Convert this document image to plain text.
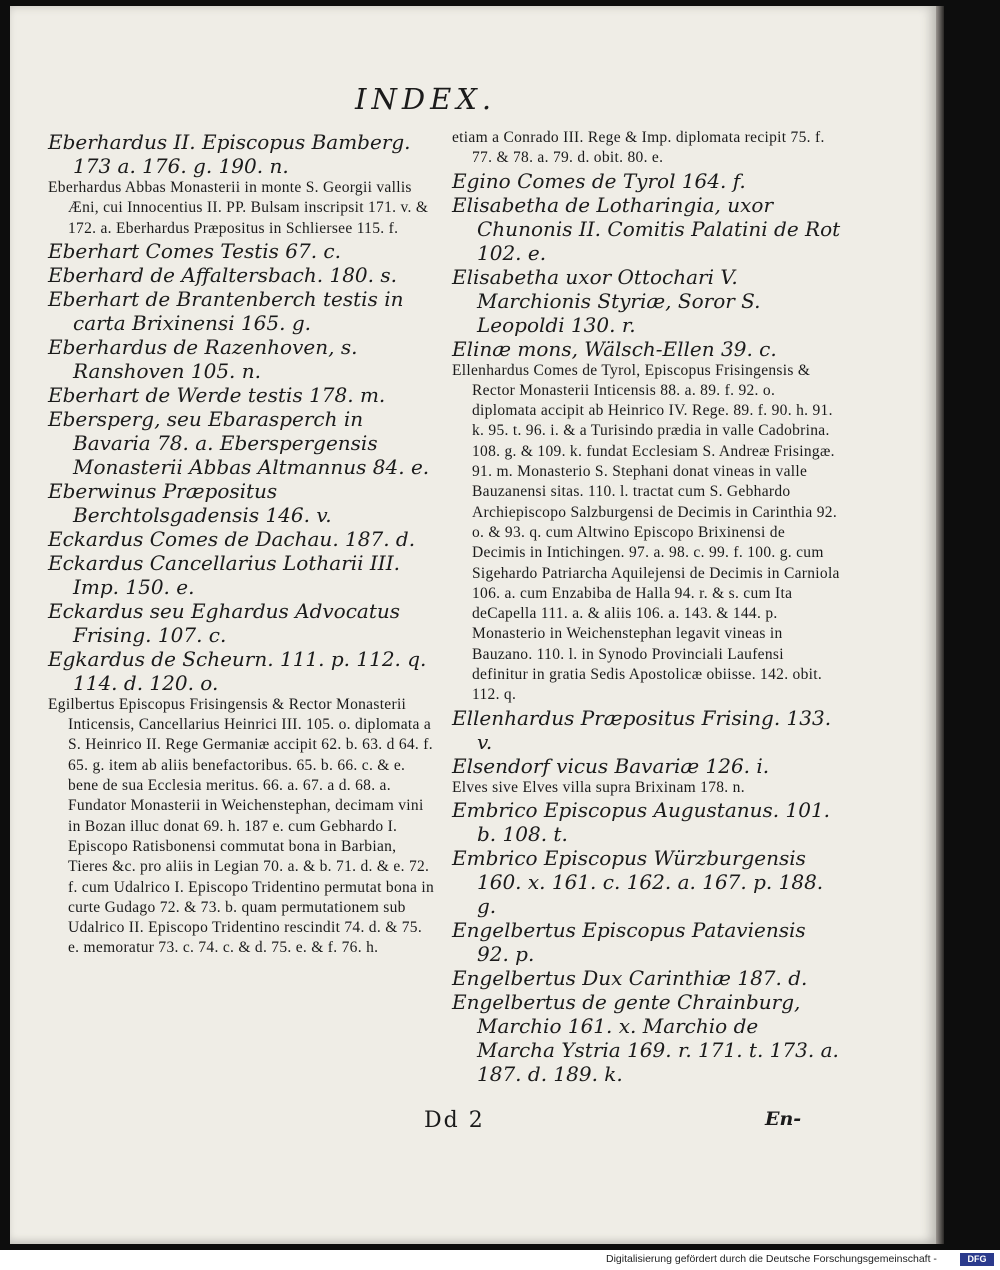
INDEX.

Eberhardus II. Episcopus Bamberg. 173 a. 176. g. 190. n.

Eberhardus Abbas Monasterii in monte S. Georgii vallis Æni, cui Innocentius II. PP. Bulsam inscripsit 171. v. & 172. a. Eberhardus Præpositus in Schliersee 115. f.

Eberhart Comes Testis 67. c.

Eberhard de Affaltersbach. 180. s.

Eberhart de Brantenberch testis in carta Brixinensi 165. g.

Eberhardus de Razenhoven, s. Ranshoven 105. n.

Eberhart de Werde testis 178. m.

Ebersperg, seu Ebarasperch in Bavaria 78. a. Eberspergensis Monasterii Abbas Altmannus 84. e.

Eberwinus Præpositus Berchtolsgadensis 146. v.

Eckardus Comes de Dachau. 187. d.

Eckardus Cancellarius Lotharii III. Imp. 150. e.

Eckardus seu Eghardus Advocatus Frising. 107. c.

Egkardus de Scheurn. 111. p. 112. q. 114. d. 120. o.

Egilbertus Episcopus Frisingensis & Rector Monasterii Inticensis, Cancellarius Heinrici III. 105. o. diplomata a S. Heinrico II. Rege Germaniæ accipit 62. b. 63. d 64. f. 65. g. item ab aliis benefactoribus. 65. b. 66. c. & e. bene de sua Ecclesia meritus. 66. a. 67. a d. 68. a. Fundator Monasterii in Weichenstephan, decimam vini in Bozan illuc donat 69. h. 187 e. cum Gebhardo I. Episcopo Ratisbonensi commutat bona in Barbian, Tieres &c. pro aliis in Legian 70. a. & b. 71. d. & e. 72. f. cum Udalrico I. Episcopo Tridentino permutat bona in curte Gudago 72. & 73. b. quam permutationem sub Udalrico II. Episcopo Tridentino rescindit 74. d. & 75. e. memoratur 73. c. 74. c. & d. 75. e. & f. 76. h.

etiam a Conrado III. Rege & Imp. diplomata recipit 75. f. 77. & 78. a. 79. d. obit. 80. e.

Egino Comes de Tyrol 164. f.

Elisabetha de Lotharingia, uxor Chunonis II. Comitis Palatini de Rot 102. e.

Elisabetha uxor Ottochari V. Marchionis Styriæ, Soror S. Leopoldi 130. r.

Elinæ mons, Wälsch-Ellen 39. c.

Ellenhardus Comes de Tyrol, Episcopus Frisingensis & Rector Monasterii Inticensis 88. a. 89. f. 92. o. diplomata accipit ab Heinrico IV. Rege. 89. f. 90. h. 91. k. 95. t. 96. i. & a Turisindo prædia in valle Cadobrina. 108. g. & 109. k. fundat Ecclesiam S. Andreæ Frisingæ. 91. m. Monasterio S. Stephani donat vineas in valle Bauzanensi sitas. 110. l. tractat cum S. Gebhardo Archiepiscopo Salzburgensi de Decimis in Carinthia 92. o. & 93. q. cum Altwino Episcopo Brixinensi de Decimis in Intichingen. 97. a. 98. c. 99. f. 100. g. cum Sigehardo Patriarcha Aquilejensi de Decimis in Carniola 106. a. cum Enzabiba de Halla 94. r. & s. cum Ita deCapella 111. a. & aliis 106. a. 143. & 144. p. Monasterio in Weichenstephan legavit vineas in Bauzano. 110. l. in Synodo Provinciali Laufensi definitur in gratia Sedis Apostolicæ obiisse. 142. obit. 112. q.

Ellenhardus Præpositus Frising. 133. v.

Elsendorf vicus Bavariæ 126. i.

Elves sive Elves villa supra Brixinam 178. n.

Embrico Episcopus Augustanus. 101. b. 108. t.

Embrico Episcopus Würzburgensis 160. x. 161. c. 162. a. 167. p. 188. g.

Engelbertus Episcopus Pataviensis 92. p.

Engelbertus Dux Carinthiæ 187. d.

Engelbertus de gente Chrainburg, Marchio 161. x. Marchio de Marcha Ystria 169. r. 171. t. 173. a. 187. d. 189. k.

Dd 2	En-
Digitalisierung gefördert durch die Deutsche Forschungsgemeinschaft -	DFG
